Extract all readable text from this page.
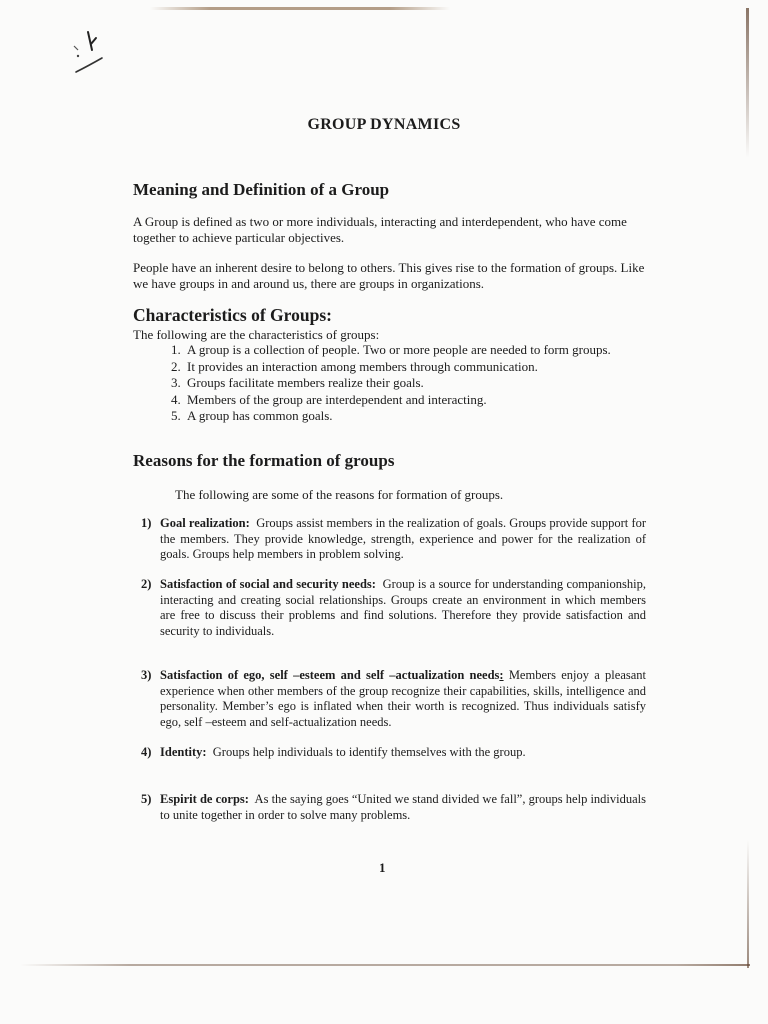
GROUP DYNAMICS
Meaning and Definition of a Group
A Group is defined as two or more individuals, interacting and interdependent, who have come together to achieve particular objectives.
People have an inherent desire to belong to others. This gives rise to the formation of groups. Like we have groups in and around us, there are groups in organizations.
Characteristics of Groups:
The following are the characteristics of groups:
1. A group is a collection of people. Two or more people are needed to form groups.
2. It provides an interaction among members through communication.
3. Groups facilitate members realize their goals.
4. Members of the group are interdependent and interacting.
5. A group has common goals.
Reasons for the formation of groups
The following are some of the reasons for formation of groups.
1) Goal realization: Groups assist members in the realization of goals. Groups provide support for the members. They provide knowledge, strength, experience and power for the realization of goals. Groups help members in problem solving.
2) Satisfaction of social and security needs: Group is a source for understanding companionship, interacting and creating social relationships. Groups create an environment in which members are free to discuss their problems and find solutions. Therefore they provide satisfaction and security to individuals.
3) Satisfaction of ego, self –esteem and self –actualization needs: Members enjoy a pleasant experience when other members of the group recognize their capabilities, skills, intelligence and personality. Member’s ego is inflated when their worth is recognized. Thus individuals satisfy ego, self –esteem and self-actualization needs.
4) Identity: Groups help individuals to identify themselves with the group.
5) Espirit de corps: As the saying goes “United we stand divided we fall”, groups help individuals to unite together in order to solve many problems.
1
